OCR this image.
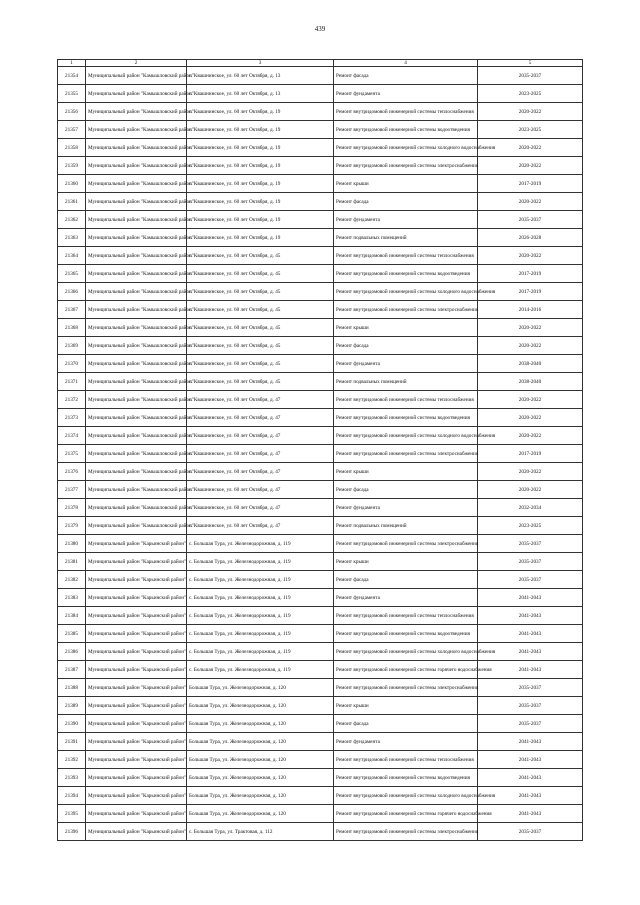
439
1	2	3	4	5
21354	Муниципальный район "Камышловский район"	с. Квашнинское, ул. 60 лет Октября, д. 13	Ремонт фасада	2035-2037
21355	Муниципальный район "Камышловский район"	с. Квашнинское, ул. 60 лет Октября, д. 13	Ремонт фундамента	2023-2025
21356	Муниципальный район "Камышловский район"	с. Квашнинское, ул. 60 лет Октября, д. 19	Ремонт внутридомовой инженерной системы теплоснабжения	2020-2022
21357	Муниципальный район "Камышловский район"	с. Квашнинское, ул. 60 лет Октября, д. 19	Ремонт внутридомовой инженерной системы водоотведения	2023-2025
21358	Муниципальный район "Камышловский район"	с. Квашнинское, ул. 60 лет Октября, д. 19	Ремонт внутридомовой инженерной системы холодного водоснабжения	2020-2022
21359	Муниципальный район "Камышловский район"	с. Квашнинское, ул. 60 лет Октября, д. 19	Ремонт внутридомовой инженерной системы электроснабжения	2020-2022
21360	Муниципальный район "Камышловский район"	с. Квашнинское, ул. 60 лет Октября, д. 19	Ремонт крыши	2017-2019
21361	Муниципальный район "Камышловский район"	с. Квашнинское, ул. 60 лет Октября, д. 19	Ремонт фасада	2020-2022
21362	Муниципальный район "Камышловский район"	с. Квашнинское, ул. 60 лет Октября, д. 19	Ремонт фундамента	2035-2037
21363	Муниципальный район "Камышловский район"	с. Квашнинское, ул. 60 лет Октября, д. 19	Ремонт подвальных помещений	2026-2028
21364	Муниципальный район "Камышловский район"	с. Квашнинское, ул. 60 лет Октября, д. 45	Ремонт внутридомовой инженерной системы теплоснабжения	2020-2022
21365	Муниципальный район "Камышловский район"	с. Квашнинское, ул. 60 лет Октября, д. 45	Ремонт внутридомовой инженерной системы водоотведения	2017-2019
21366	Муниципальный район "Камышловский район"	с. Квашнинское, ул. 60 лет Октября, д. 45	Ремонт внутридомовой инженерной системы холодного водоснабжения	2017-2019
21367	Муниципальный район "Камышловский район"	с. Квашнинское, ул. 60 лет Октября, д. 45	Ремонт внутридомовой инженерной системы электроснабжения	2014-2016
21368	Муниципальный район "Камышловский район"	с. Квашнинское, ул. 60 лет Октября, д. 45	Ремонт крыши	2020-2022
21369	Муниципальный район "Камышловский район"	с. Квашнинское, ул. 60 лет Октября, д. 45	Ремонт фасада	2020-2022
21370	Муниципальный район "Камышловский район"	с. Квашнинское, ул. 60 лет Октября, д. 45	Ремонт фундамента	2038-2040
21371	Муниципальный район "Камышловский район"	с. Квашнинское, ул. 60 лет Октября, д. 45	Ремонт подвальных помещений	2038-2040
21372	Муниципальный район "Камышловский район"	с. Квашнинское, ул. 60 лет Октября, д. 47	Ремонт внутридомовой инженерной системы теплоснабжения	2020-2022
21373	Муниципальный район "Камышловский район"	с. Квашнинское, ул. 60 лет Октября, д. 47	Ремонт внутридомовой инженерной системы водоотведения	2020-2022
21374	Муниципальный район "Камышловский район"	с. Квашнинское, ул. 60 лет Октября, д. 47	Ремонт внутридомовой инженерной системы холодного водоснабжения	2020-2022
21375	Муниципальный район "Камышловский район"	с. Квашнинское, ул. 60 лет Октября, д. 47	Ремонт внутридомовой инженерной системы электроснабжения	2017-2019
21376	Муниципальный район "Камышловский район"	с. Квашнинское, ул. 60 лет Октября, д. 47	Ремонт крыши	2020-2022
21377	Муниципальный район "Камышловский район"	с. Квашнинское, ул. 60 лет Октября, д. 47	Ремонт фасада	2020-2022
21378	Муниципальный район "Камышловский район"	с. Квашнинское, ул. 60 лет Октября, д. 47	Ремонт фундамента	2032-2034
21379	Муниципальный район "Камышловский район"	с. Квашнинское, ул. 60 лет Октября, д. 47	Ремонт подвальных помещений	2023-2025
21380	Муниципальный район "Карьинский район"	с. Большая Тура, ул. Железнодорожная, д. 119	Ремонт внутридомовой инженерной системы электроснабжения	2035-2037
21381	Муниципальный район "Карьинский район"	с. Большая Тура, ул. Железнодорожная, д. 119	Ремонт крыши	2035-2037
21382	Муниципальный район "Карьинский район"	с. Большая Тура, ул. Железнодорожная, д. 119	Ремонт фасада	2035-2037
21383	Муниципальный район "Карьинский район"	с. Большая Тура, ул. Железнодорожная, д. 119	Ремонт фундамента	2041-2043
21384	Муниципальный район "Карьинский район"	с. Большая Тура, ул. Железнодорожная, д. 119	Ремонт внутридомовой инженерной системы теплоснабжения	2041-2043
21385	Муниципальный район "Карьинский район"	с. Большая Тура, ул. Железнодорожная, д. 119	Ремонт внутридомовой инженерной системы водоотведения	2041-2043
21386	Муниципальный район "Карьинский район"	с. Большая Тура, ул. Железнодорожная, д. 119	Ремонт внутридомовой инженерной системы холодного водоснабжения	2041-2043
21387	Муниципальный район "Карьинский район"	с. Большая Тура, ул. Железнодорожная, д. 119	Ремонт внутридомовой инженерной системы горячего водоснабжения	2041-2043
21388	Муниципальный район "Карьинский район"	Большая Тура, ул. Железнодорожная, д. 120	Ремонт внутридомовой инженерной системы электроснабжения	2035-2037
21389	Муниципальный район "Карьинский район"	Большая Тура, ул. Железнодорожная, д. 120	Ремонт крыши	2035-2037
21390	Муниципальный район "Карьинский район"	Большая Тура, ул. Железнодорожная, д. 120	Ремонт фасада	2035-2037
21391	Муниципальный район "Карьинский район"	Большая Тура, ул. Железнодорожная, д. 120	Ремонт фундамента	2041-2043
21392	Муниципальный район "Карьинский район"	Большая Тура, ул. Железнодорожная, д. 120	Ремонт внутридомовой инженерной системы теплоснабжения	2041-2043
21393	Муниципальный район "Карьинский район"	Большая Тура, ул. Железнодорожная, д. 120	Ремонт внутридомовой инженерной системы водоотведения	2041-2043
21394	Муниципальный район "Карьинский район"	Большая Тура, ул. Железнодорожная, д. 120	Ремонт внутридомовой инженерной системы холодного водоснабжения	2041-2043
21395	Муниципальный район "Карьинский район"	Большая Тура, ул. Железнодорожная, д. 120	Ремонт внутридомовой инженерной системы горячего водоснабжения	2041-2043
21396	Муниципальный район "Карьинский район"	с. Большая Тура, ул. Трактовая, д. 112	Ремонт внутридомовой инженерной системы электроснабжения	2035-2037
